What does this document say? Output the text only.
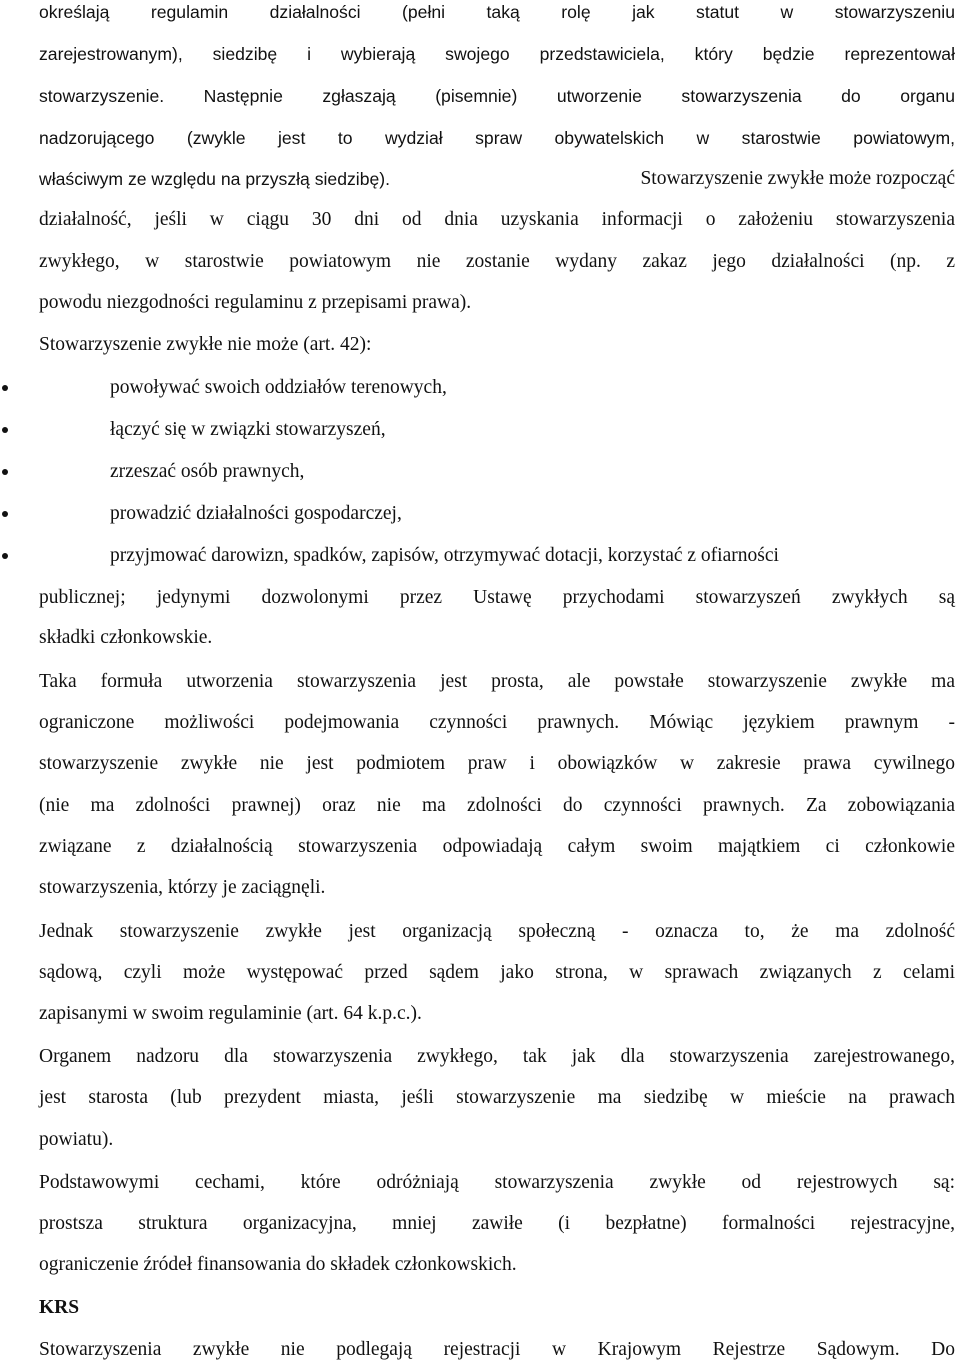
określają regulamin działalności (pełni taką rolę jak statut w stowarzyszeniu
zarejestrowanym), siedzibę i wybierają swojego przedstawiciela, który będzie reprezentował
stowarzyszenie. Następnie zgłaszają (pisemnie) utworzenie stowarzyszenia do organu
nadzorującego (zwykle jest to wydział spraw obywatelskich w starostwie powiatowym,
właściwym ze względu na przyszłą siedzibę).	Stowarzyszenie zwykłe może rozpocząć
działalność, jeśli w ciągu 30 dni od dnia uzyskania informacji o założeniu stowarzyszenia
zwykłego, w starostwie powiatowym nie zostanie wydany zakaz jego działalności (np. z
powodu niezgodności regulaminu z przepisami prawa).
Stowarzyszenie zwykłe nie może (art. 42):
powoływać swoich oddziałów terenowych,
łączyć się w związki stowarzyszeń,
zrzeszać osób prawnych,
prowadzić działalności gospodarczej,
przyjmować darowizn, spadków, zapisów, otrzymywać dotacji, korzystać z ofiarności
publicznej; jedynymi dozwolonymi przez Ustawę przychodami stowarzyszeń zwykłych są
składki członkowskie.
Taka formuła utworzenia stowarzyszenia jest prosta, ale powstałe stowarzyszenie zwykłe ma
ograniczone możliwości podejmowania czynności prawnych. Mówiąc językiem prawnym -
stowarzyszenie zwykłe nie jest podmiotem praw i obowiązków w zakresie prawa cywilnego
(nie ma zdolności prawnej) oraz nie ma zdolności do czynności prawnych. Za zobowiązania
związane z działalnością stowarzyszenia odpowiadają całym swoim majątkiem ci członkowie
stowarzyszenia, którzy je zaciągnęli.
Jednak stowarzyszenie zwykłe jest organizacją społeczną - oznacza to, że ma zdolność
sądową, czyli może występować przed sądem jako strona, w sprawach związanych z celami
zapisanymi w swoim regulaminie (art. 64 k.p.c.).
Organem nadzoru dla stowarzyszenia zwykłego, tak jak dla stowarzyszenia zarejestrowanego,
jest starosta (lub prezydent miasta, jeśli stowarzyszenie ma siedzibę w mieście na prawach
powiatu).
Podstawowymi cechami, które odróżniają stowarzyszenia zwykłe od rejestrowych są:
prostsza struktura organizacyjna, mniej zawiłe (i bezpłatne) formalności rejestracyjne,
ograniczenie źródeł finansowania do składek członkowskich.
KRS
Stowarzyszenia zwykłe nie podlegają rejestracji w Krajowym Rejestrze Sądowym. Do
